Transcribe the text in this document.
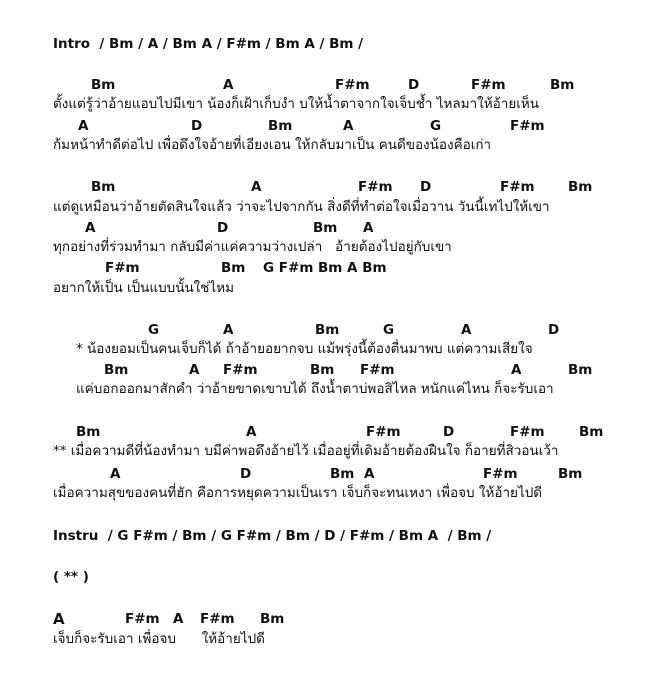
Intro  / Bm / A / Bm A / F#m / Bm A / Bm /
Bm	A	F#m	D	F#m	Bm
ตั้งแต่รู้ว่าอ้ายแอบไปมีเขา น้องก็เฝ้าเก็บงำ บให้น้ำตาจากใจเจ็บช้ำ ไหลมาให้อ้ายเห็น
A	D	Bm	A	G	F#m
ก้มหน้าทำดีต่อไป เพื่อดึงใจอ้ายที่เอียงเอน ให้กลับมาเป็น คนดีของน้องคือเก่า
Bm	A	F#m D	F#m Bm
แต่ดูเหมือนว่าอ้ายตัดสินใจแล้ว ว่าจะไปจากกัน สิ่งดีที่ทำต่อใจเมื่อวาน วันนี้เทไปให้เขา
A	D	Bm A
ทุกอย่างที่ร่วมทำมา กลับมีค่าแค่ความว่างเปล่า   อ้ายต้องไปอยู่กับเขา
F#m	Bm G F#m Bm A Bm
อยากให้เป็น เป็นแบบนั้นใช่ไหม
G	A	Bm	G	A	D
* น้องยอมเป็นคนเจ็บก็ได้ ถ้าอ้ายอยากจบ แม้พรุ่งนี้ต้องตื่นมาพบ แต่ความเสียใจ
Bm	A F#m	Bm F#m	A	Bm
แค่บอกออกมาสักคำ ว่าอ้ายขาดเขาบได้ ถึงน้ำตาบ่พอสิไหล หนักแค่ไหน ก็จะรับเอา
Bm	A	F#m	D	F#m	Bm
** เมื่อความดีที่น้องทำมา บมีค่าพอดึงอ้ายไว้ เมื่ออยู่ที่เดิมอ้ายต้องฝืนใจ ก็อายที่สิวอนเว้า
A	D	Bm A	F#m	Bm
เมื่อความสุขของคนที่ฮัก คือการหยุดความเป็นเรา เจ็บก็จะทนเหงา เพื่อจบ ให้อ้ายไปดี
Instru  / G F#m / Bm / G F#m / Bm / D / F#m / Bm A  / Bm /
( ** )
A	F#m A F#m Bm
เจ็บก็จะรับเอา เพื่อจบ      ให้อ้ายไปดี
